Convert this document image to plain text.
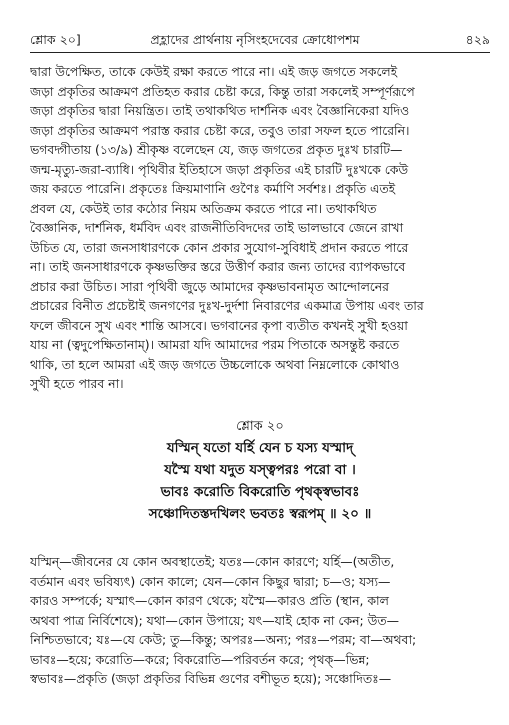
শ্লোক ২০]	প্রহ্লাদের প্রার্থনায় নৃসিংহদেবের ক্রোধোপশম	৪২৯
দ্বারা উপেক্ষিত, তাকে কেউই রক্ষা করতে পারে না। এই জড় জগতে সকলেই
জড়া প্রকৃতির আক্রমণ প্রতিহত করার চেষ্টা করে, কিন্তু তারা সকলেই সম্পূর্ণরূপে
জড়া প্রকৃতির দ্বারা নিয়ন্ত্রিত। তাই তথাকথিত দার্শনিক এবং বৈজ্ঞানিকেরা যদিও
জড়া প্রকৃতির আক্রমণ পরাস্ত করার চেষ্টা করে, তবুও তারা সফল হতে পারেনি।
ভগবদ্গীতায় (১৩/৯) শ্রীকৃষ্ণ বলেছেন যে, জড় জগতের প্রকৃত দুঃখ চারটি—
জন্ম-মৃত্যু-জরা-ব্যাধি। পৃথিবীর ইতিহাসে জড়া প্রকৃতির এই চারটি দুঃখকে কেউ
জয় করতে পারেনি। প্রকৃতেঃ ক্রিয়মাণানি গুণৈঃ কর্মাণি সর্বশঃ। প্রকৃতি এতই
প্রবল যে, কেউই তার কঠোর নিয়ম অতিক্রম করতে পারে না। তথাকথিত
বৈজ্ঞানিক, দার্শনিক, ধর্মবিদ এবং রাজনীতিবিদদের তাই ভালভাবে জেনে রাখা
উচিত যে, তারা জনসাধারণকে কোন প্রকার সুযোগ-সুবিধাই প্রদান করতে পারে
না। তাই জনসাধারণকে কৃষ্ণভক্তির স্তরে উত্তীর্ণ করার জন্য তাদের ব্যাপকভাবে
প্রচার করা উচিত। সারা পৃথিবী জুড়ে আমাদের কৃষ্ণভাবনামৃত আন্দোলনের
প্রচারের বিনীত প্রচেষ্টাই জনগণের দুঃখ-দুর্দশা নিবারণের একমাত্র উপায় এবং তার
ফলে জীবনে সুখ এবং শান্তি আসবে। ভগবানের কৃপা ব্যতীত কখনই সুখী হওয়া
যায় না (ত্বদুপেক্ষিতানাম্)। আমরা যদি আমাদের পরম পিতাকে অসন্তুষ্ট করতে
থাকি, তা হলে আমরা এই জড় জগতে উচ্চলোকে অথবা নিম্নলোকে কোথাও
সুখী হতে পারব না।
শ্লোক ২০
যস্মিন্ যতো যর্হি যেন চ যস্য যস্মাদ্
যস্মৈ যথা যদুত যস্ত্বপরঃ পরো বা ।
ভাবঃ করোতি বিকরোতি পৃথক্স্বভাবঃ
সঞ্চোদিতস্তদখিলং ভবতঃ স্বরূপম্ ॥ ২০ ॥
যস্মিন্—জীবনের যে কোন অবস্থাতেই; যতঃ—কোন কারণে; যর্হি—(অতীত,
বর্তমান এবং ভবিষ্যৎ) কোন কালে; যেন—কোন কিছুর দ্বারা; চ—ও; যস্য—
কারও সম্পর্কে; যস্মাৎ—কোন কারণ থেকে; যস্মৈ—কারও প্রতি (স্থান, কাল
অথবা পাত্র নির্বিশেষে); যথা—কোন উপায়ে; যৎ—যাই হোক না কেন; উত—
নিশ্চিতভাবে; যঃ—যে কেউ; তু—কিন্তু; অপরঃ—অন্য; পরঃ—পরম; বা—অথবা;
ভাবঃ—হয়ে; করোতি—করে; বিকরোতি—পরিবর্তন করে; পৃথক্—ভিন্ন;
স্বভাবঃ—প্রকৃতি (জড়া প্রকৃতির বিভিন্ন গুণের বশীভূত হয়ে); সঞ্চোদিতঃ—
